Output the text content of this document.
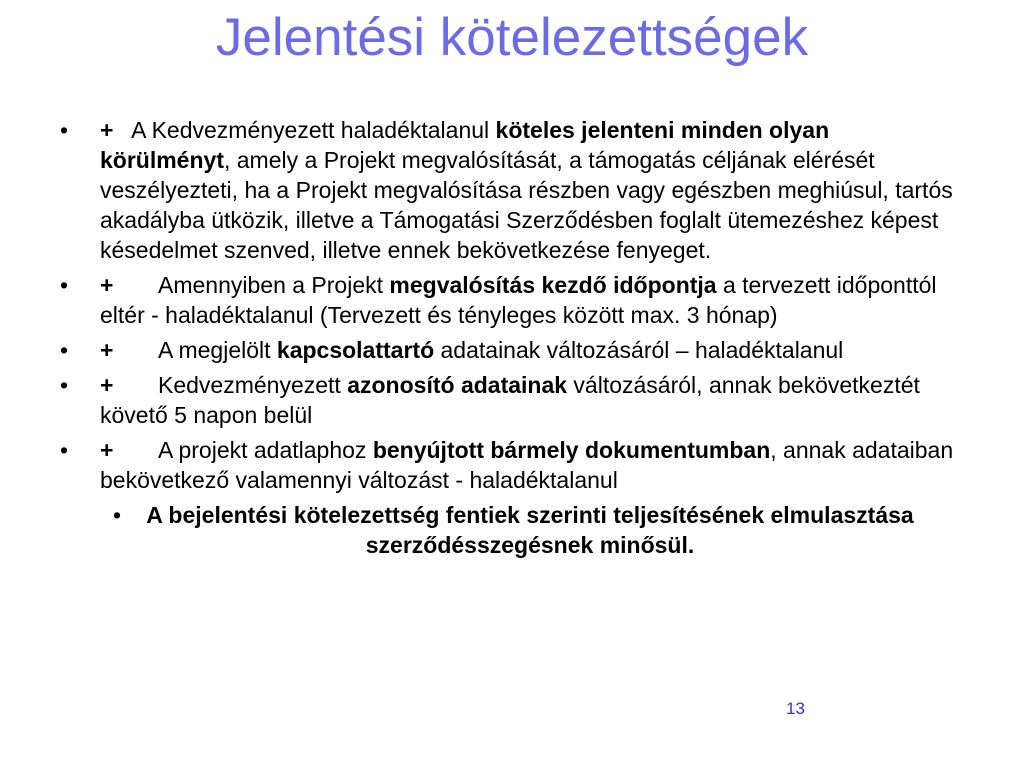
Jelentési kötelezettségek
• + A Kedvezményezett haladéktalanul köteles jelenteni minden olyan körülményt, amely a Projekt megvalósítását, a támogatás céljának elérését veszélyezteti, ha a Projekt megvalósítása részben vagy egészben meghiúsul, tartós akadályba ütközik, illetve a Támogatási Szerződésben foglalt ütemezéshez képest késedelmet szenved, illetve ennek bekövetkezése fenyeget.
• + Amennyiben a Projekt megvalósítás kezdő időpontja a tervezett időponttól eltér - haladéktalanul (Tervezett és tényleges között max. 3 hónap)
• + A megjelölt kapcsolattartó adatainak változásáról – haladéktalanul
• + Kedvezményezett azonosító adatainak változásáról, annak bekövetkeztét követő 5 napon belül
• + A projekt adatlaphoz benyújtott bármely dokumentumban, annak adataiban bekövetkező valamennyi változást - haladéktalanul
• A bejelentési kötelezettség fentiek szerinti teljesítésének elmulasztása szerződésszegésnek minősül.
13
